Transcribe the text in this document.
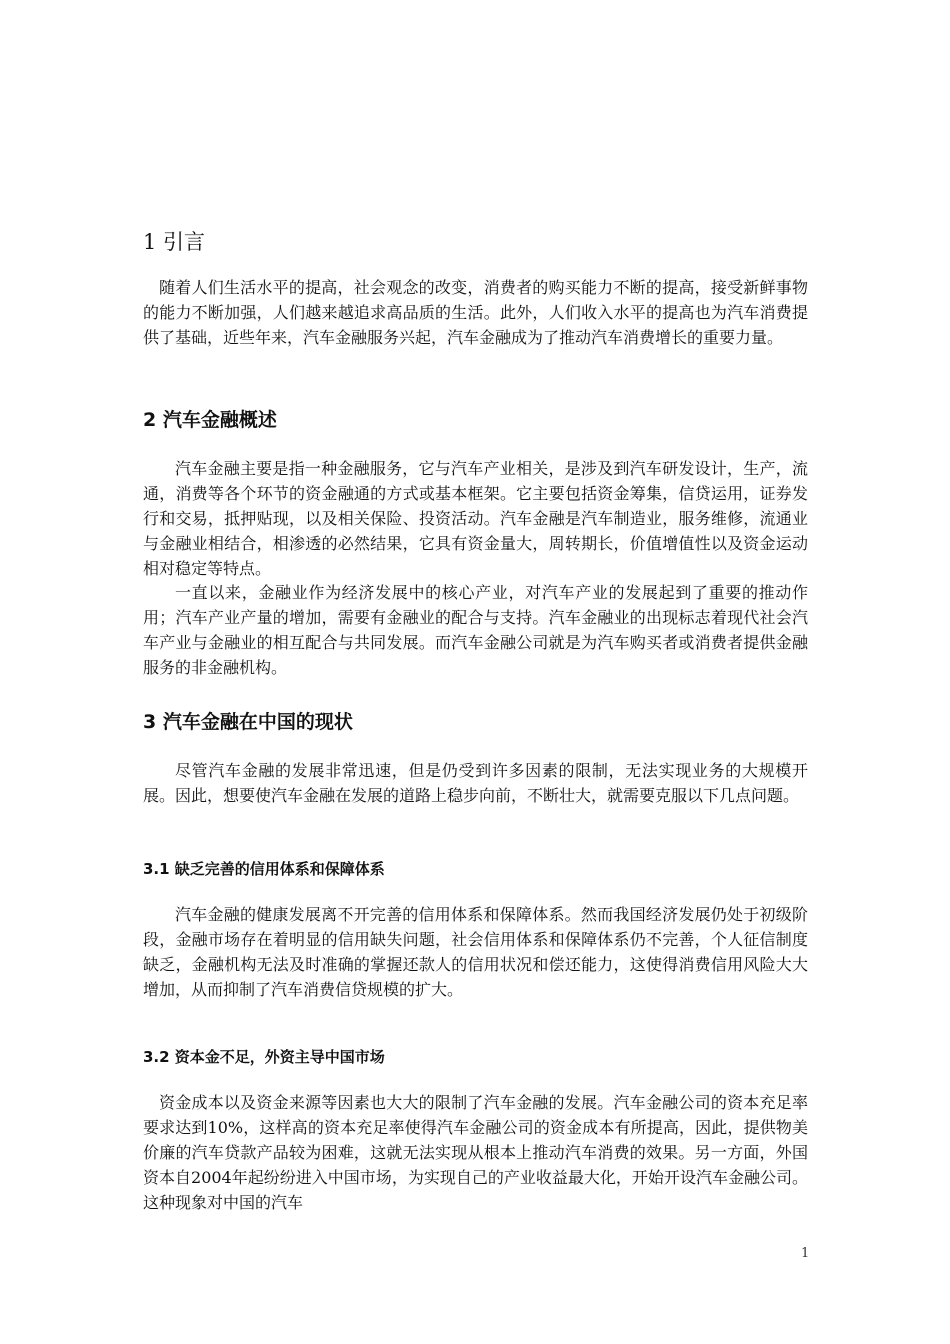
1 引言

随着人们生活水平的提高，社会观念的改变，消费者的购买能力不断的提高，接受新鲜事物的能力不断加强，人们越来越追求高品质的生活。此外，人们收入水平的提高也为汽车消费提供了基础，近些年来，汽车金融服务兴起，汽车金融成为了推动汽车消费增长的重要力量。

2 汽车金融概述

汽车金融主要是指一种金融服务，它与汽车产业相关，是涉及到汽车研发设计，生产，流通，消费等各个环节的资金融通的方式或基本框架。它主要包括资金筹集，信贷运用，证券发行和交易，抵押贴现，以及相关保险、投资活动。汽车金融是汽车制造业，服务维修，流通业与金融业相结合，相渗透的必然结果，它具有资金量大，周转期长，价值增值性以及资金运动相对稳定等特点。

一直以来，金融业作为经济发展中的核心产业，对汽车产业的发展起到了重要的推动作用；汽车产业产量的增加，需要有金融业的配合与支持。汽车金融业的出现标志着现代社会汽车产业与金融业的相互配合与共同发展。而汽车金融公司就是为汽车购买者或消费者提供金融服务的非金融机构。

3 汽车金融在中国的现状

尽管汽车金融的发展非常迅速，但是仍受到许多因素的限制，无法实现业务的大规模开展。因此，想要使汽车金融在发展的道路上稳步向前，不断壮大，就需要克服以下几点问题。

3.1 缺乏完善的信用体系和保障体系

汽车金融的健康发展离不开完善的信用体系和保障体系。然而我国经济发展仍处于初级阶段，金融市场存在着明显的信用缺失问题，社会信用体系和保障体系仍不完善，个人征信制度缺乏，金融机构无法及时准确的掌握还款人的信用状况和偿还能力，这使得消费信用风险大大增加，从而抑制了汽车消费信贷规模的扩大。

3.2 资本金不足，外资主导中国市场

资金成本以及资金来源等因素也大大的限制了汽车金融的发展。汽车金融公司的资本充足率要求达到10%，这样高的资本充足率使得汽车金融公司的资金成本有所提高，因此，提供物美价廉的汽车贷款产品较为困难，这就无法实现从根本上推动汽车消费的效果。另一方面，外国资本自2004年起纷纷进入中国市场，为实现自己的产业收益最大化，开始开设汽车金融公司。这种现象对中国的汽车

1
